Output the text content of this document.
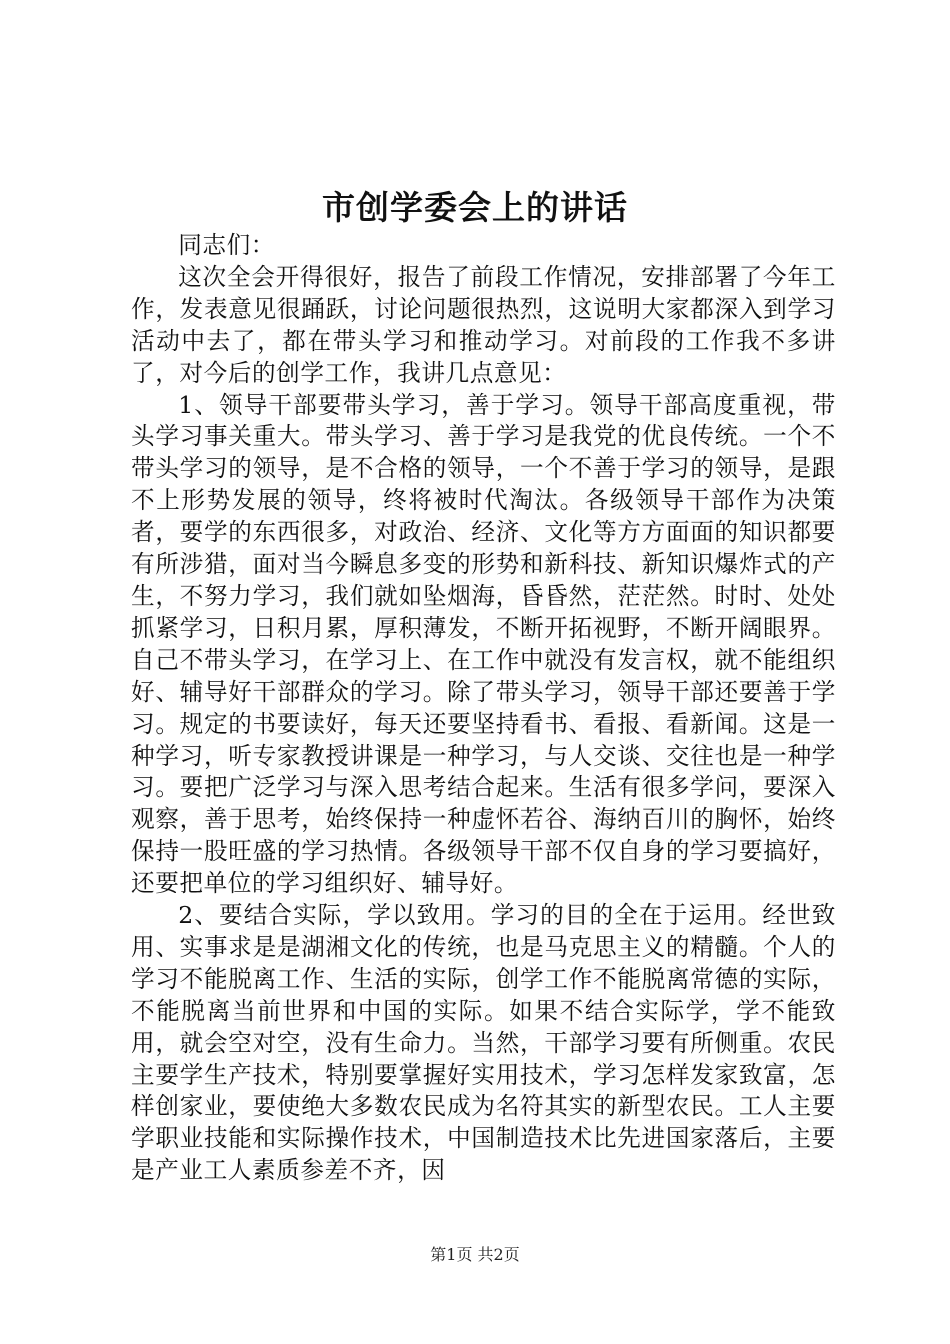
市创学委会上的讲话

同志们：

这次全会开得很好，报告了前段工作情况，安排部署了今年工作，发表意见很踊跃，讨论问题很热烈，这说明大家都深入到学习活动中去了，都在带头学习和推动学习。对前段的工作我不多讲了，对今后的创学工作，我讲几点意见：

1、领导干部要带头学习，善于学习。领导干部高度重视，带头学习事关重大。带头学习、善于学习是我党的优良传统。一个不带头学习的领导，是不合格的领导，一个不善于学习的领导，是跟不上形势发展的领导，终将被时代淘汰。各级领导干部作为决策者，要学的东西很多，对政治、经济、文化等方方面面的知识都要有所涉猎，面对当今瞬息多变的形势和新科技、新知识爆炸式的产生，不努力学习，我们就如坠烟海，昏昏然，茫茫然。时时、处处抓紧学习，日积月累，厚积薄发，不断开拓视野，不断开阔眼界。自己不带头学习，在学习上、在工作中就没有发言权，就不能组织好、辅导好干部群众的学习。除了带头学习，领导干部还要善于学习。规定的书要读好，每天还要坚持看书、看报、看新闻。这是一种学习，听专家教授讲课是一种学习，与人交谈、交往也是一种学习。要把广泛学习与深入思考结合起来。生活有很多学问，要深入观察，善于思考，始终保持一种虚怀若谷、海纳百川的胸怀，始终保持一股旺盛的学习热情。各级领导干部不仅自身的学习要搞好，还要把单位的学习组织好、辅导好。

2、要结合实际，学以致用。学习的目的全在于运用。经世致用、实事求是是湖湘文化的传统，也是马克思主义的精髓。个人的学习不能脱离工作、生活的实际，创学工作不能脱离常德的实际，不能脱离当前世界和中国的实际。如果不结合实际学，学不能致用，就会空对空，没有生命力。当然，干部学习要有所侧重。农民主要学生产技术，特别要掌握好实用技术，学习怎样发家致富，怎样创家业，要使绝大多数农民成为名符其实的新型农民。工人主要学职业技能和实际操作技术，中国制造技术比先进国家落后，主要是产业工人素质参差不齐，因

第1页 共2页
